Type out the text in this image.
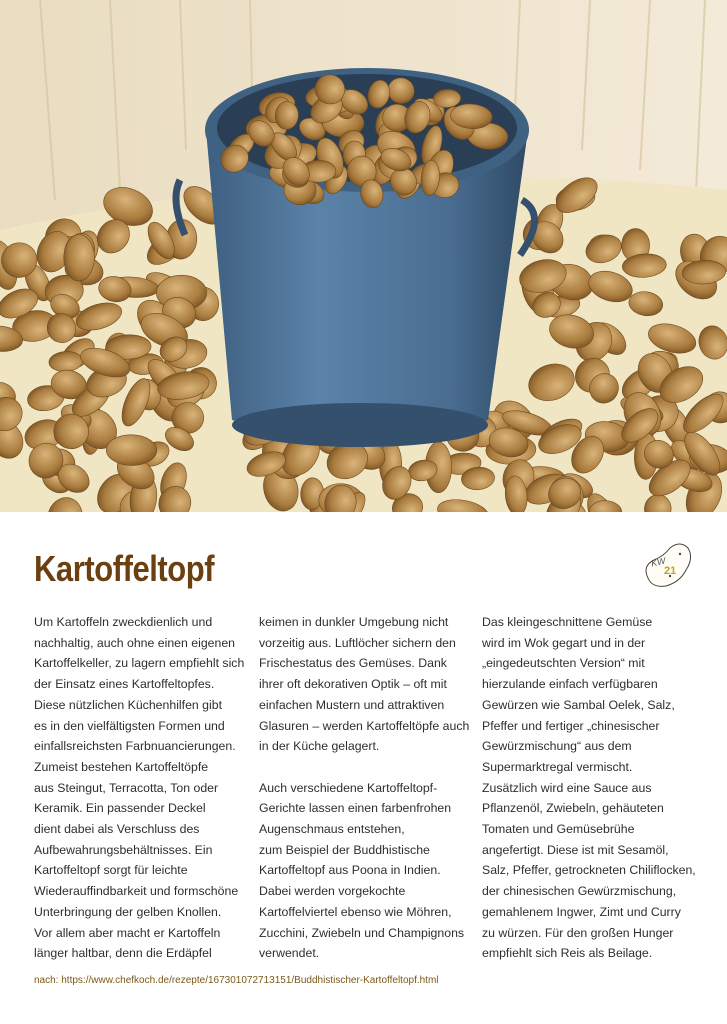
Kartoffeltopf	KW
21

Um Kartoffeln zweckdienlich und

nachhaltig, auch ohne einen eigenen

Kartoffelkeller, zu lagern empfiehlt sich

der Einsatz eines Kartoffeltopfes.

Diese nützlichen Küchenhilfen gibt

es in den vielfältigsten Formen und

einfallsreichsten Farbnuancierungen.

Zumeist bestehen Kartoffeltöpfe

aus Steingut, Terracotta, Ton oder

Keramik. Ein passender Deckel

dient dabei als Verschluss des

Aufbewahrungsbehältnisses. Ein

Kartoffeltopf sorgt für leichte

Wiederauffindbarkeit und formschöne

Unterbringung der gelben Knollen.

Vor allem aber macht er Kartoffeln

länger haltbar, denn die Erdäpfel

keimen in dunkler Umgebung nicht

vorzeitig aus. Luftlöcher sichern den

Frischestatus des Gemüses. Dank

ihrer oft dekorativen Optik – oft mit

einfachen Mustern und attraktiven

Glasuren – werden Kartoffeltöpfe auch

in der Küche gelagert.

Auch verschiedene Kartoffeltopf-

Gerichte lassen einen farbenfrohen

Augenschmaus entstehen,

zum Beispiel der Buddhistische

Kartoffeltopf aus Poona in Indien.

Dabei werden vorgekochte

Kartoffelviertel ebenso wie Möhren,

Zucchini, Zwiebeln und Champignons

verwendet.

Das kleingeschnittene Gemüse

wird im Wok gegart und in der

„eingedeutschten Version“ mit

hierzulande einfach verfügbaren

Gewürzen wie Sambal Oelek, Salz,

Pfeffer und fertiger „chinesischer

Gewürzmischung“ aus dem

Supermarktregal vermischt.

Zusätzlich wird eine Sauce aus

Pflanzenöl, Zwiebeln, gehäuteten

Tomaten und Gemüsebrühe

angefertigt. Diese ist mit Sesamöl,

Salz, Pfeffer, getrockneten Chiliflocken,

der chinesischen Gewürzmischung,

gemahlenem Ingwer, Zimt und Curry

zu würzen. Für den großen Hunger

empfiehlt sich Reis als Beilage.

nach: https://www.chefkoch.de/rezepte/167301072713151/Buddhistischer-Kartoffeltopf.html
